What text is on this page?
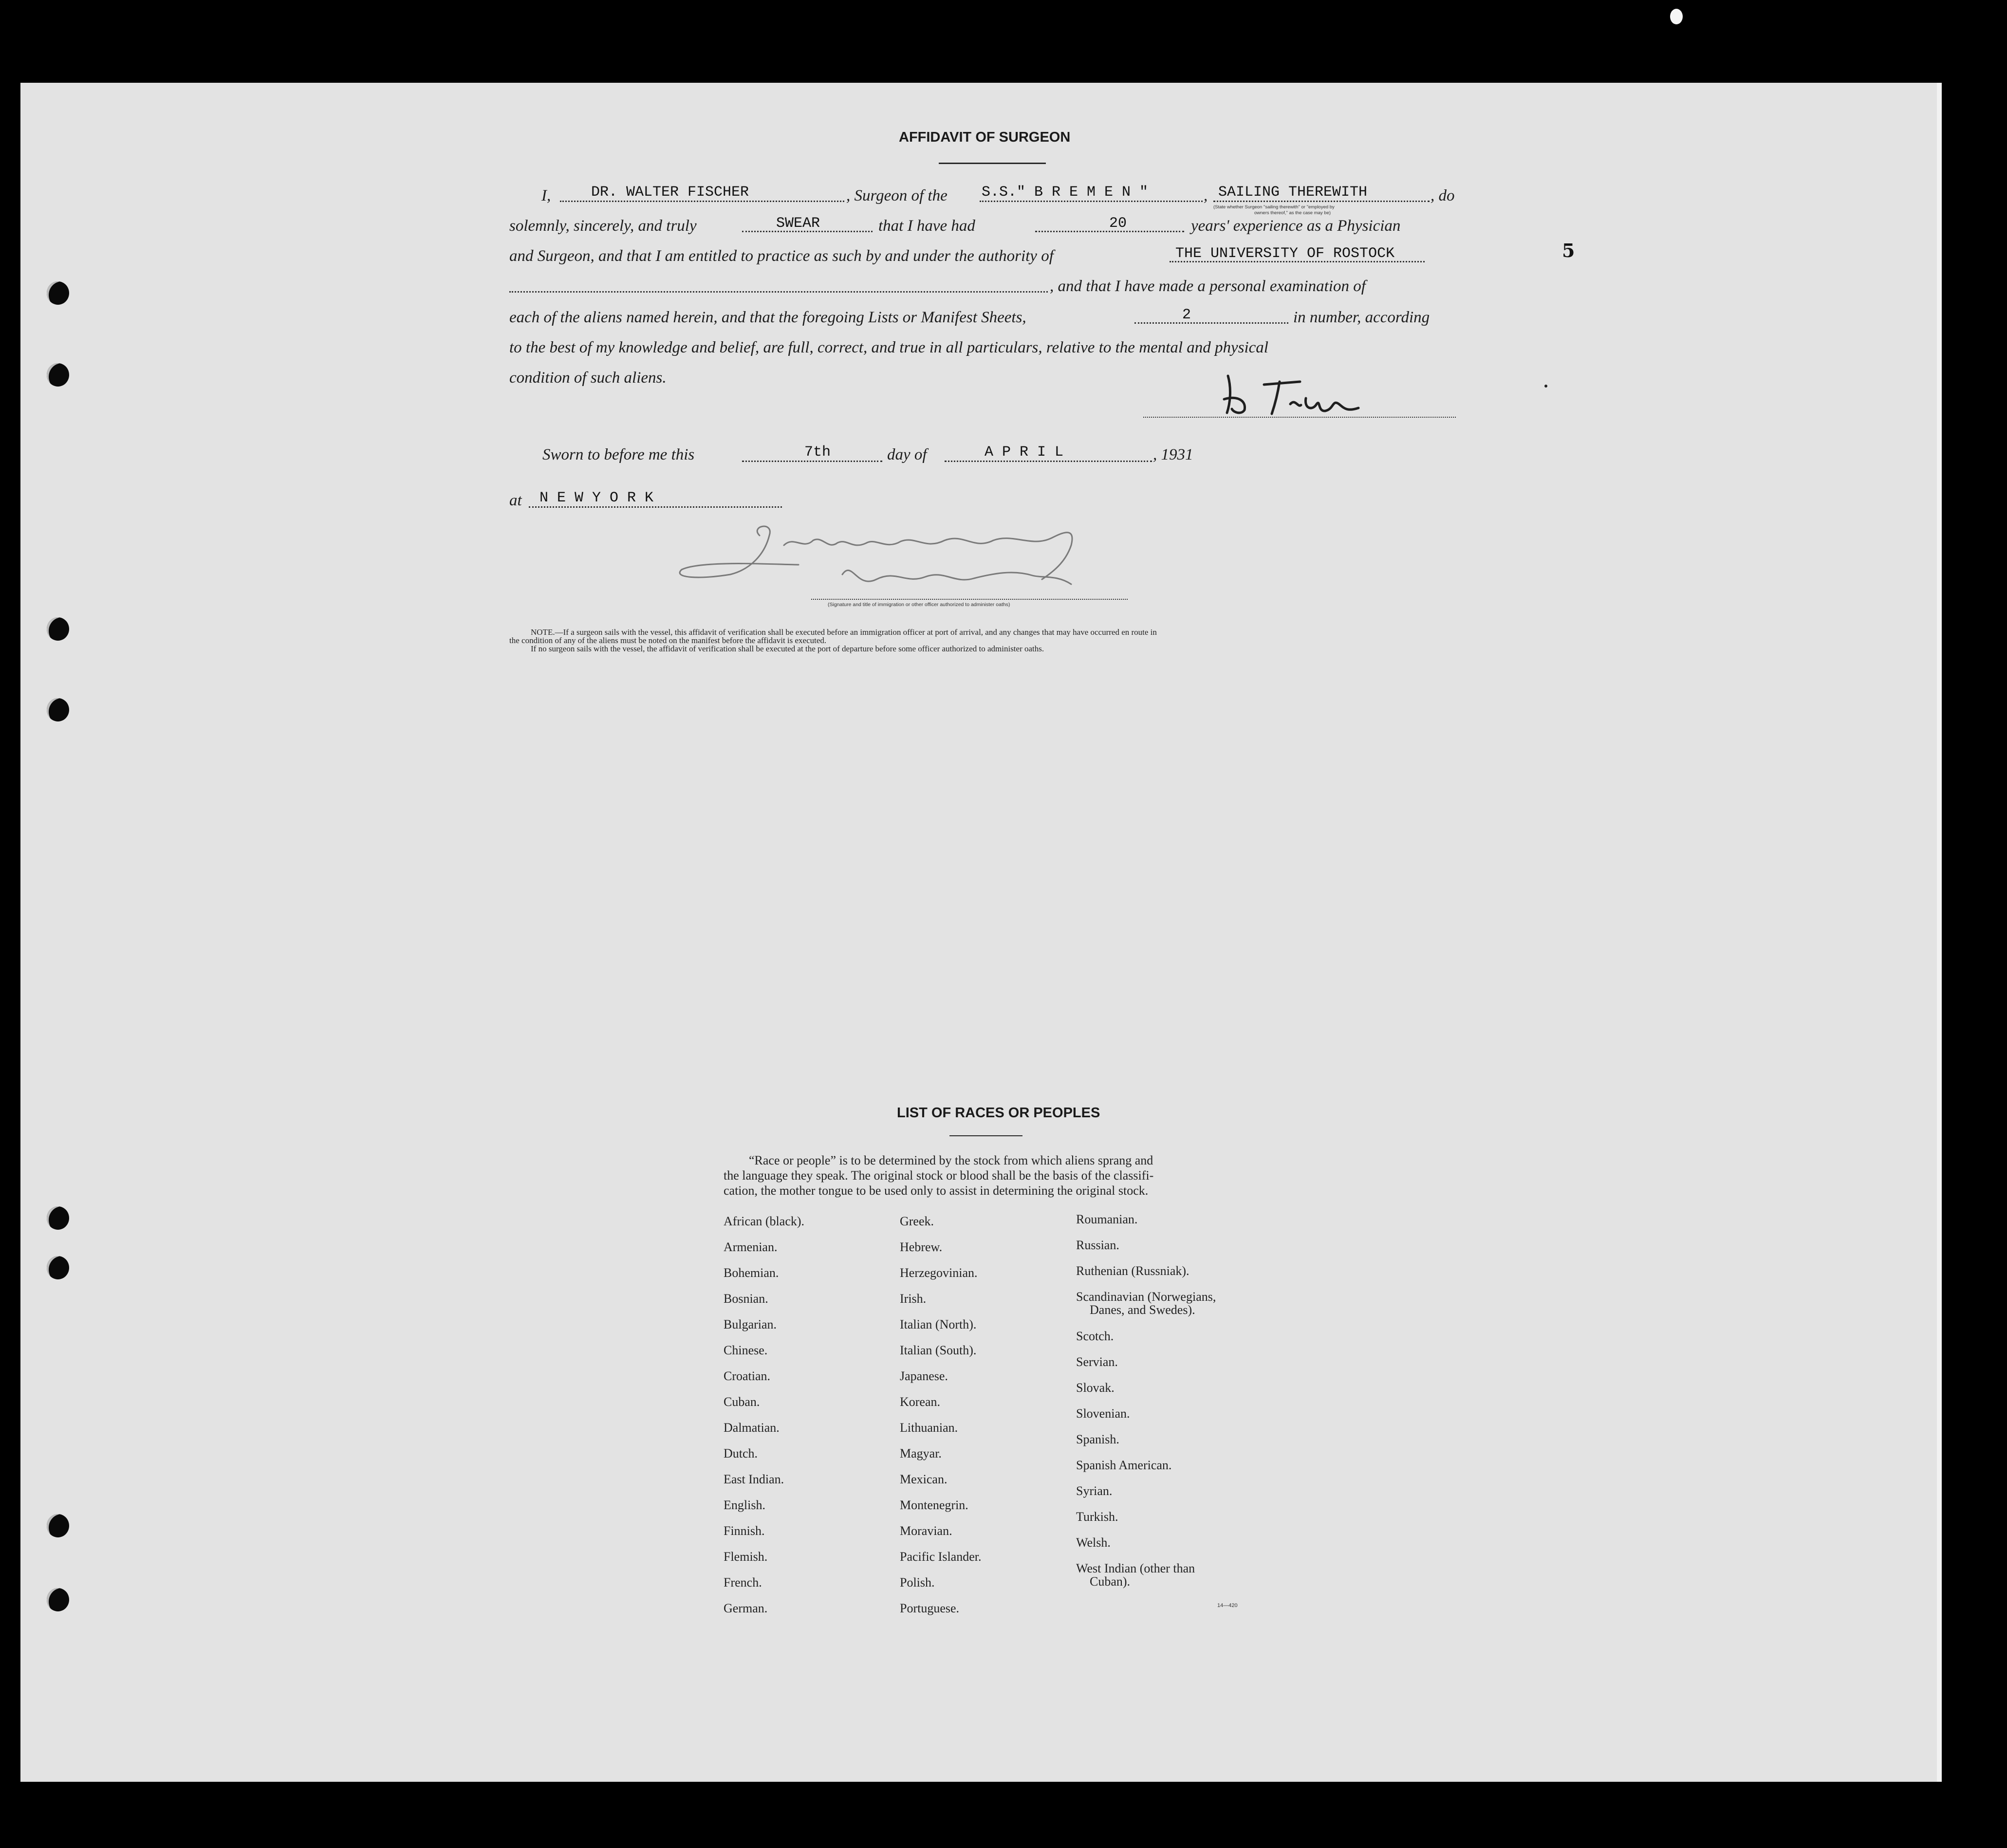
5
AFFIDAVIT OF SURGEON
I,	DR. WALTER FISCHER	, Surgeon of the S.S." B R E M E N "	, SAILING THEREWITH	, do
(State whether Surgeon "sailing therewith" or "employed by
owners thereof," as the case may be)
solemnly, sincerely, and truly	SWEAR	that I have had	20	years' experience as a Physician
and Surgeon, and that I am entitled to practice as such by and under the authority of	THE UNIVERSITY OF ROSTOCK
, and that I have made a personal examination of
each of the aliens named herein, and that the foregoing Lists or Manifest Sheets,	2	in number, according
to the best of my knowledge and belief, are full, correct, and true in all particulars, relative to the mental and physical
condition of such aliens.
Sworn to before me this	7th	day of	A P R I L	, 1931
at N E W Y O R K
(Signature and title of immigration or other officer authorized to administer oaths)
NOTE.—If a surgeon sails with the vessel, this affidavit of verification shall be executed before an immigration officer at port of arrival, and any changes that may have occurred en route in
the condition of any of the aliens must be noted on the manifest before the affidavit is executed.
If no surgeon sails with the vessel, the affidavit of verification shall be executed at the port of departure before some officer authorized to administer oaths.
LIST OF RACES OR PEOPLES
“Race or people” is to be determined by the stock from which aliens sprang and
the language they speak. The original stock or blood shall be the basis of the classifi-
cation, the mother tongue to be used only to assist in determining the original stock.
African (black).
Armenian.
Bohemian.
Bosnian.
Bulgarian.
Chinese.
Croatian.
Cuban.
Dalmatian.
Dutch.
East Indian.
English.
Finnish.
Flemish.
French.
German.
Greek.
Hebrew.
Herzegovinian.
Irish.
Italian (North).
Italian (South).
Japanese.
Korean.
Lithuanian.
Magyar.
Mexican.
Montenegrin.
Moravian.
Pacific Islander.
Polish.
Portuguese.
Roumanian.
Russian.
Ruthenian (Russniak).
Scandinavian (Norwegians,
Danes, and Swedes).
Scotch.
Servian.
Slovak.
Slovenian.
Spanish.
Spanish American.
Syrian.
Turkish.
Welsh.
West Indian (other than
Cuban).
14—420
